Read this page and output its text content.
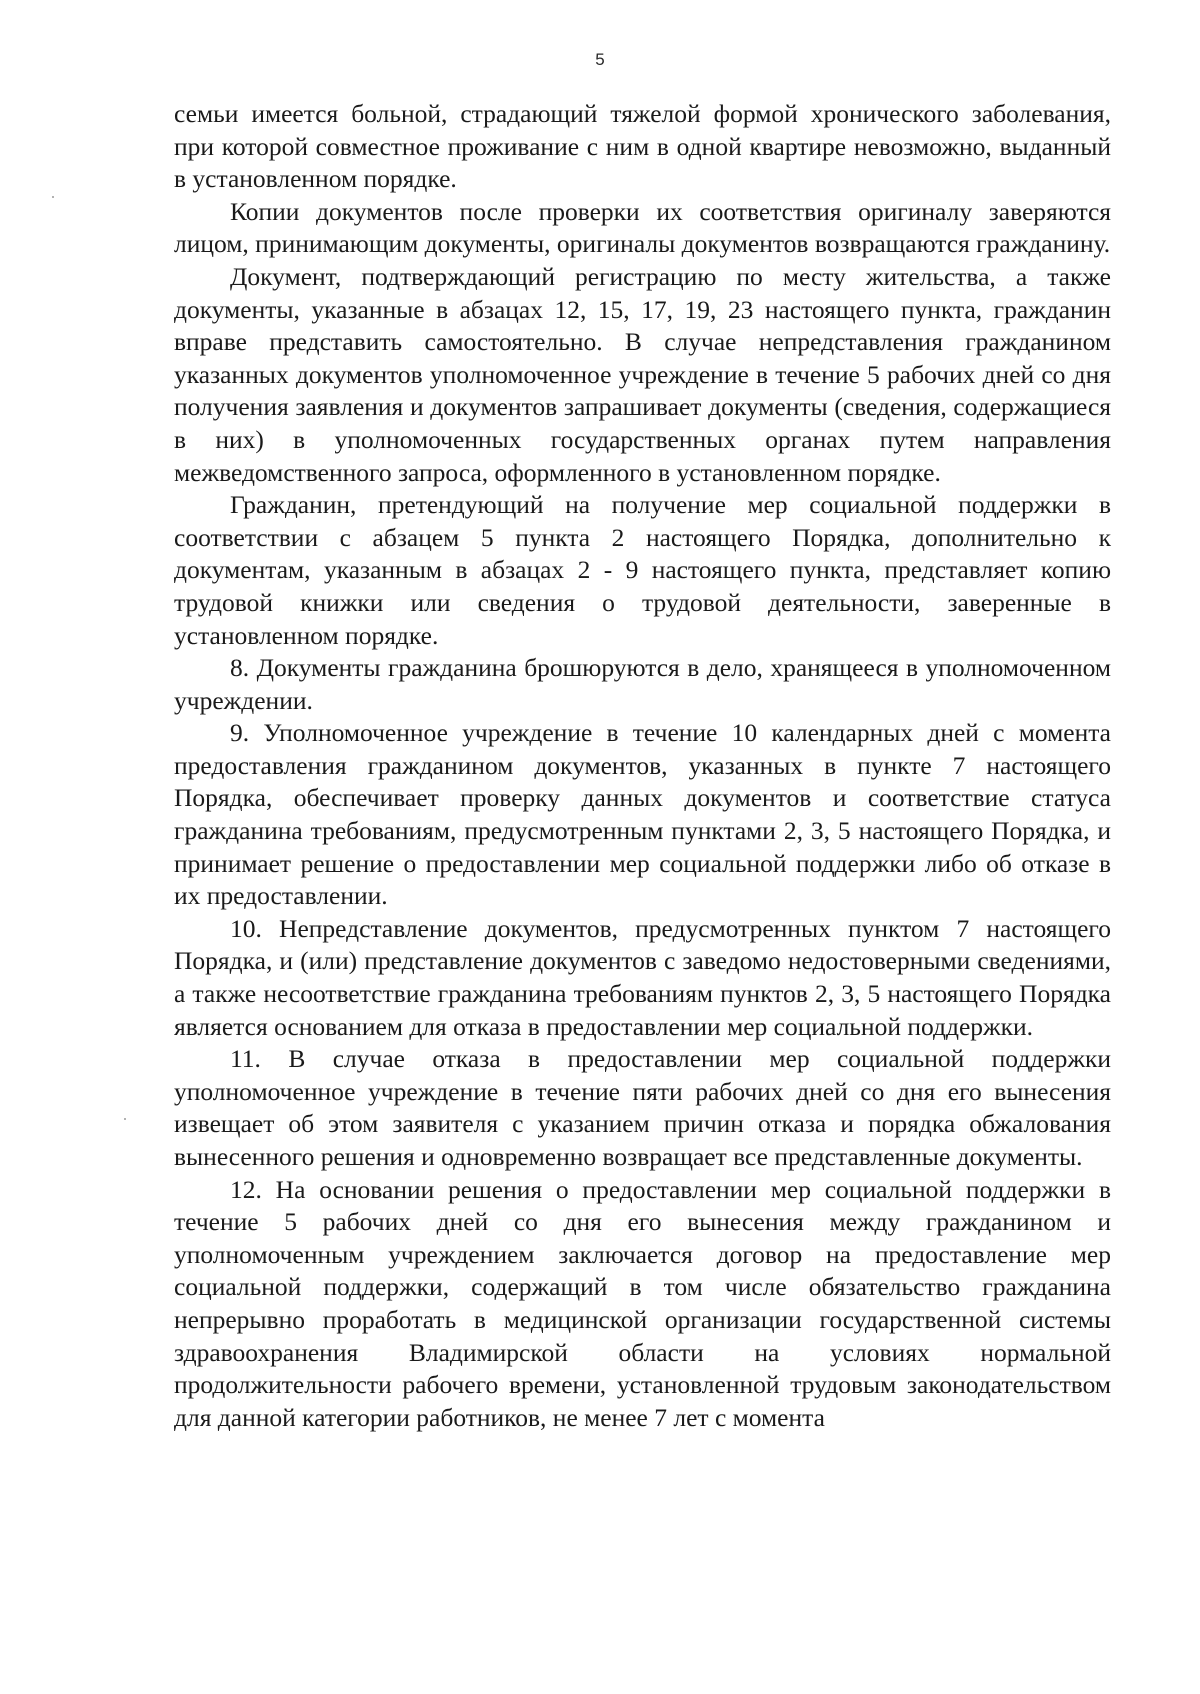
5

семьи имеется больной, страдающий тяжелой формой хронического заболевания, при которой совместное проживание с ним в одной квартире невозможно, выданный в установленном порядке.

Копии документов после проверки их соответствия оригиналу заверяются лицом, принимающим документы, оригиналы документов возвращаются гражданину.

Документ, подтверждающий регистрацию по месту жительства, а также документы, указанные в абзацах 12, 15, 17, 19, 23 настоящего пункта, гражданин вправе представить самостоятельно. В случае непредставления гражданином указанных документов уполномоченное учреждение в течение 5 рабочих дней со дня получения заявления и документов запрашивает документы (сведения, содержащиеся в них) в уполномоченных государственных органах путем направления межведомственного запроса, оформленного в установленном порядке.

Гражданин, претендующий на получение мер социальной поддержки в соответствии с абзацем 5 пункта 2 настоящего Порядка, дополнительно к документам, указанным в абзацах 2 - 9 настоящего пункта, представляет копию трудовой книжки или сведения о трудовой деятельности, заверенные в установленном порядке.

8. Документы гражданина брошюруются в дело, хранящееся в уполномоченном учреждении.

9. Уполномоченное учреждение в течение 10 календарных дней с момента предоставления гражданином документов, указанных в пункте 7 настоящего Порядка, обеспечивает проверку данных документов и соответствие статуса гражданина требованиям, предусмотренным пунктами 2, 3, 5 настоящего Порядка, и принимает решение о предоставлении мер социальной поддержки либо об отказе в их предоставлении.

10. Непредставление документов, предусмотренных пунктом 7 настоящего Порядка, и (или) представление документов с заведомо недостоверными сведениями, а также несоответствие гражданина требованиям пунктов 2, 3, 5 настоящего Порядка является основанием для отказа в предоставлении мер социальной поддержки.

11. В случае отказа в предоставлении мер социальной поддержки уполномоченное учреждение в течение пяти рабочих дней со дня его вынесения извещает об этом заявителя с указанием причин отказа и порядка обжалования вынесенного решения и одновременно возвращает все представленные документы.

12. На основании решения о предоставлении мер социальной поддержки в течение 5 рабочих дней со дня его вынесения между гражданином и уполномоченным учреждением заключается договор на предоставление мер социальной поддержки, содержащий в том числе обязательство гражданина непрерывно проработать в медицинской организации государственной системы здравоохранения Владимирской области на условиях нормальной продолжительности рабочего времени, установленной трудовым законодательством для данной категории работников, не менее 7 лет с момента
